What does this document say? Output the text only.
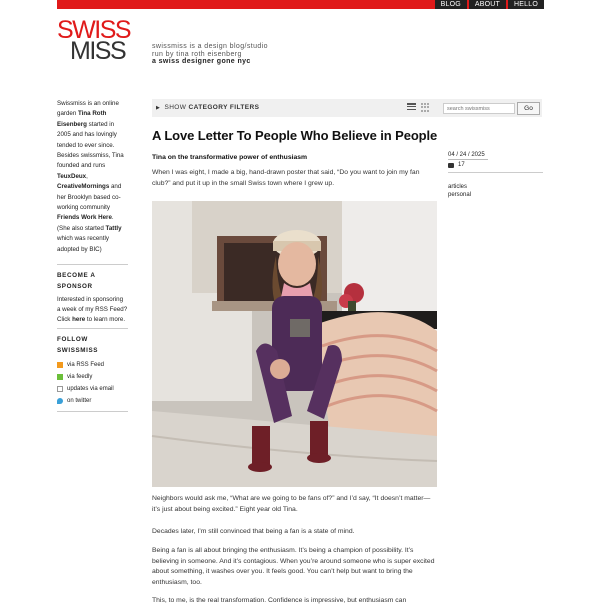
BLOG	ABOUT	HELLO
SWISS
MISS	swissmiss is a design blog/studio
run by tina roth eisenberg
a swiss designer gone nyc
Swissmiss is an online garden Tina Roth Eisenberg started in 2005 and has lovingly tended to ever since. Besides swissmiss, Tina founded and runs TeuxDeux, CreativeMornings and her Brooklyn based co-working community Friends Work Here. (She also started Tattly which was recently adopted by BIC)
BECOME A SPONSOR
Interested in sponsoring a week of my RSS Feed? Click here to learn more.
FOLLOW SWISSMISS
via RSS Feed
via feedly
updates via email
on twitter
▶ SHOW CATEGORY FILTERS
search swissmiss	Go
A Love Letter To People Who Believe in People
Tina on the transformative power of enthusiasm
When I was eight, I made a big, hand-drawn poster that said, “Do you want to join my fan club?” and put it up in the small Swiss town where I grew up.
Neighbors would ask me, “What are we going to be fans of?” and I’d say, “It doesn’t matter—it’s just about being excited.” Eight year old Tina.
Decades later, I’m still convinced that being a fan is a state of mind.
Being a fan is all about bringing the enthusiasm. It’s being a champion of possibility. It’s believing in someone. And it’s contagious. When you’re around someone who is super excited about something, it washes over you. It feels good. You can’t help but want to bring the enthusiasm, too.
This, to me, is the real transformation. Confidence is impressive, but enthusiasm can
04 / 24 / 2025
17
articles
personal
